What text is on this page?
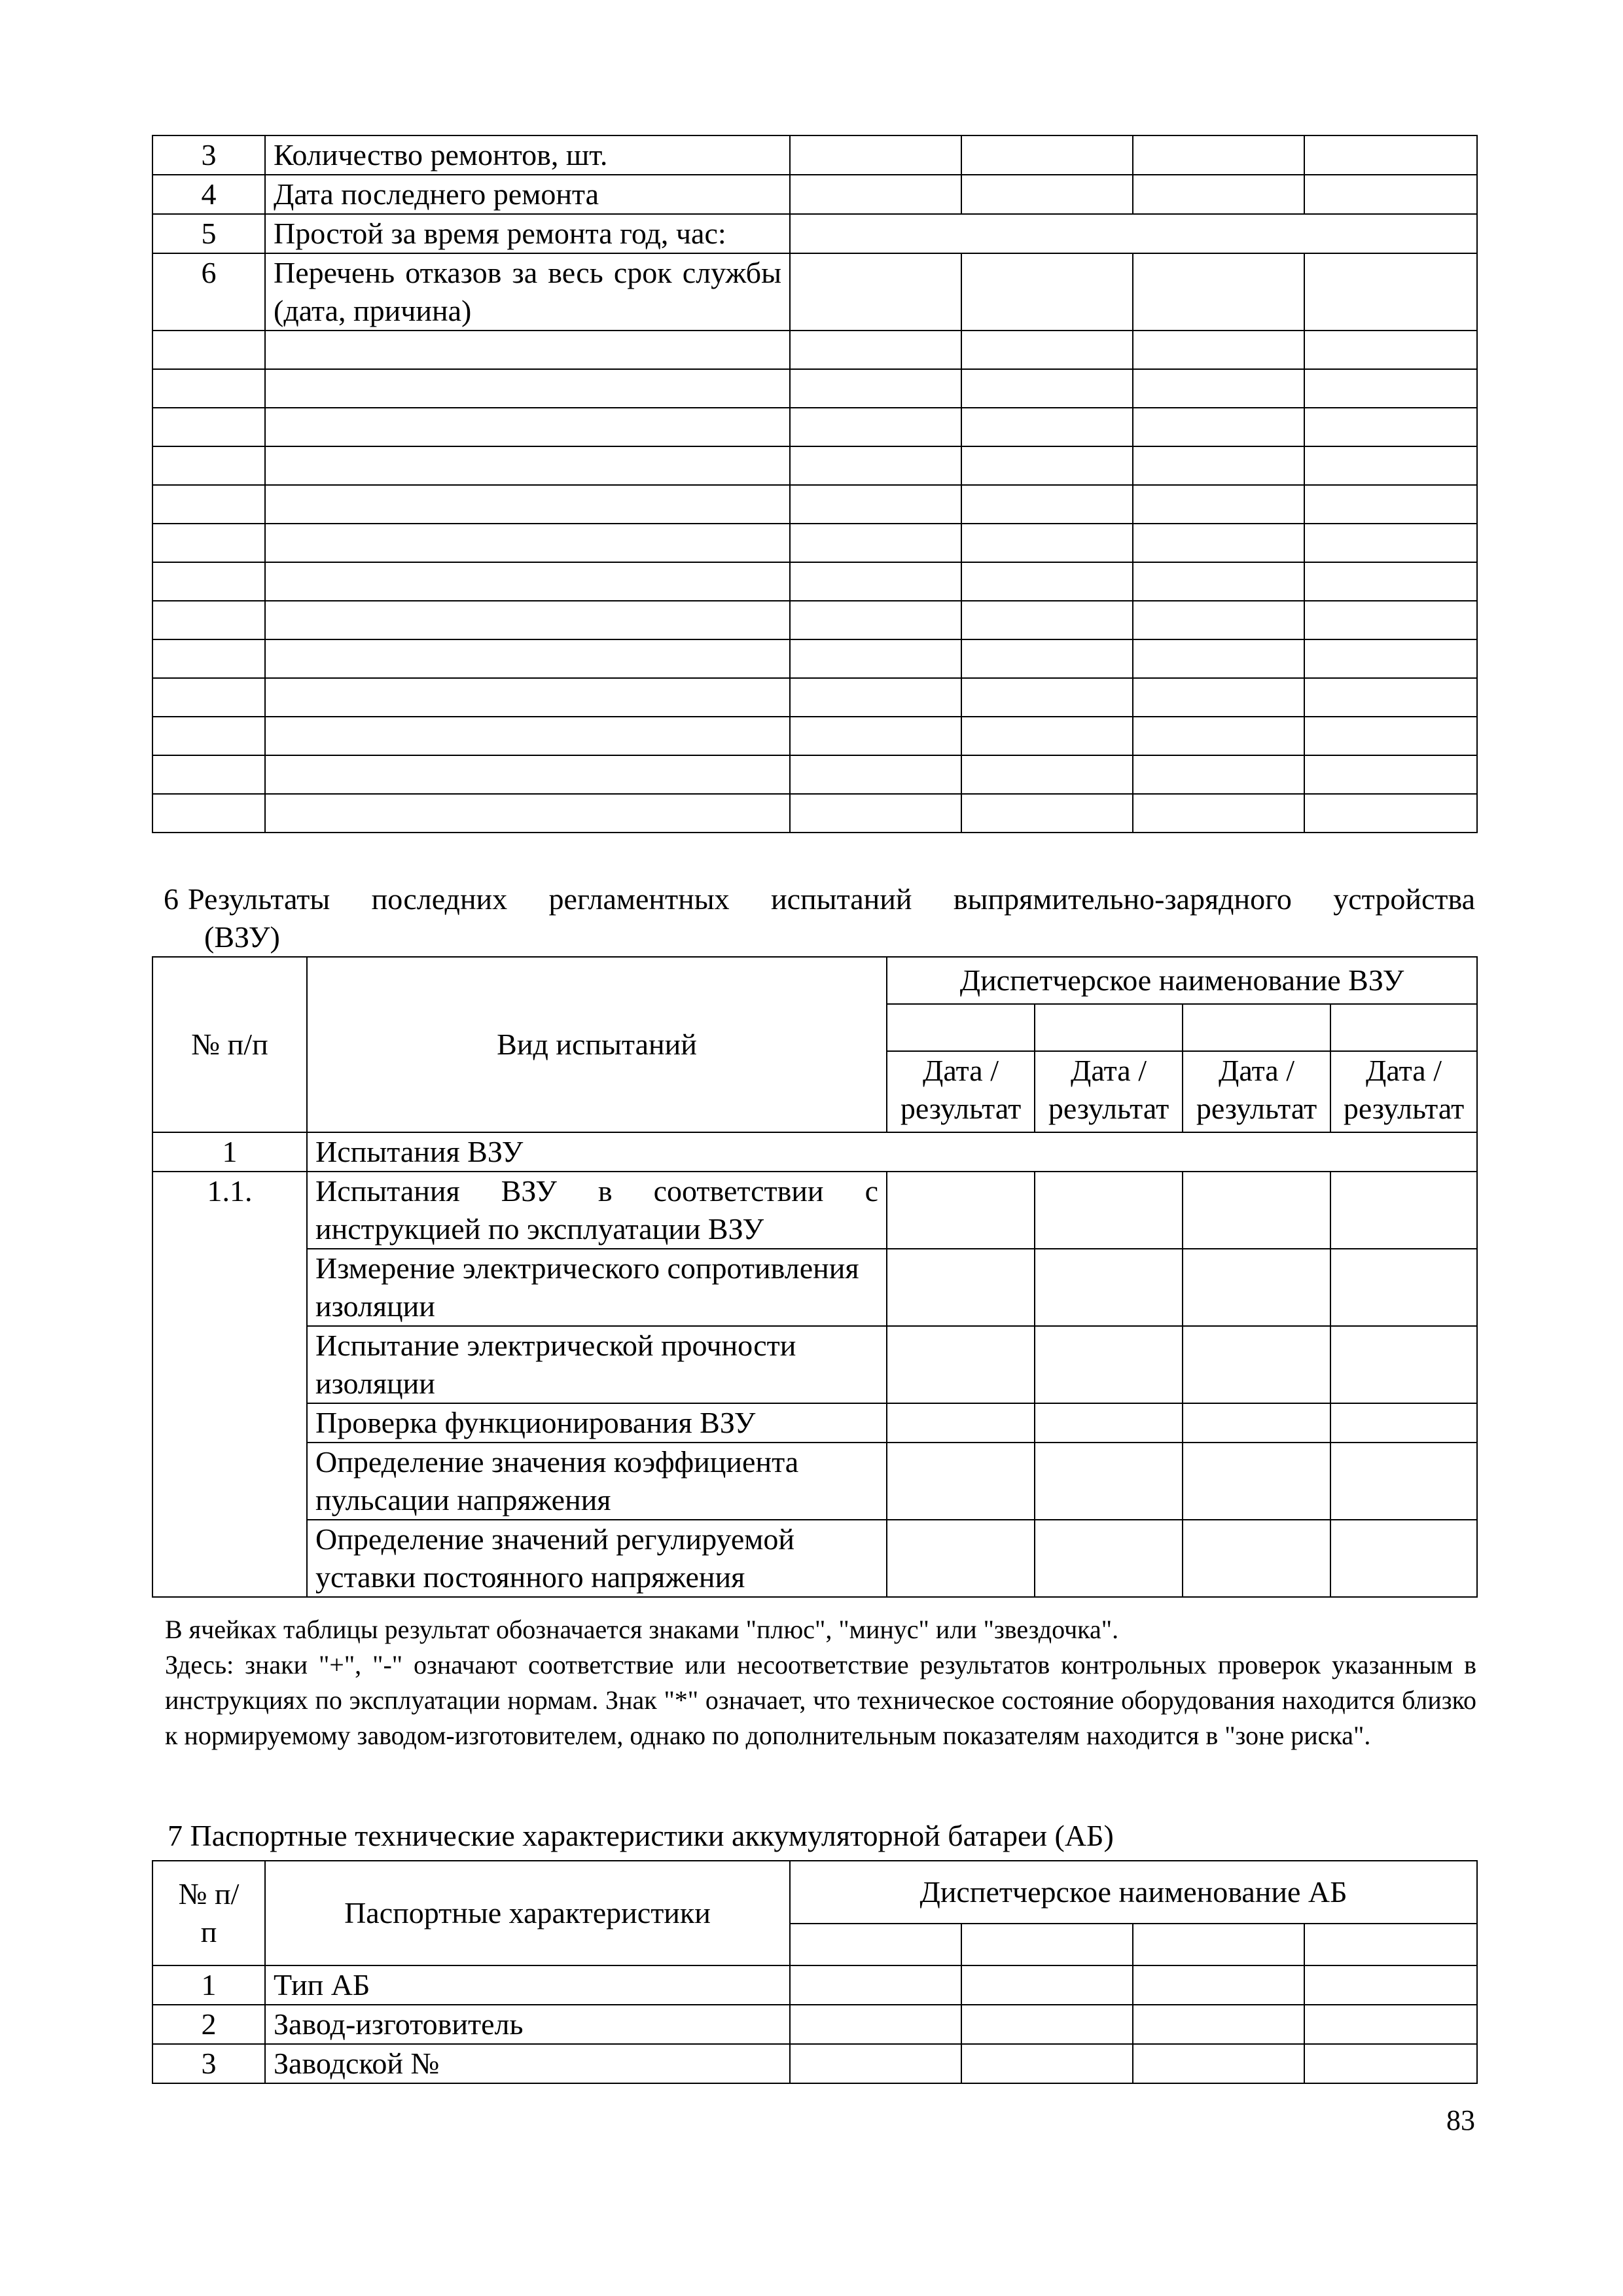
3	Количество ремонтов, шт.				
4	Дата последнего ремонта				
5	Простой за время ремонта год, час:				
6	Перечень отказов за весь срок службы (дата, причина)				

6 Результаты последних регламентных испытаний выпрямительно-зарядного устройства
(ВЗУ)
№ п/п	Вид испытаний	Диспетчерское наименование ВЗУ			

		Дата / результат	Дата / результат	Дата / результат	Дата / результат
1	Испытания ВЗУ				
1.1.	Испытания ВЗУ в соответствии с инструкцией по эксплуатации ВЗУ				
	Измерение электрического сопротивления изоляции				
	Испытание электрической прочности изоляции				
	Проверка функционирования ВЗУ				
	Определение значения коэффициента пульсации напряжения				
	Определение значений регулируемой уставки постоянного напряжения				
В ячейках таблицы результат обозначается знаками "плюс", "минус" или "звездочка".
Здесь: знаки "+", "-" означают соответствие или несоответствие результатов контрольных проверок указанным в инструкциях по эксплуатации нормам. Знак "*" означает, что техническое состояние оборудования находится близко к нормируемому заводом-изготовителем, однако по дополнительным показателям находится в "зоне риска".
7 Паспортные технические характеристики аккумуляторной батареи (АБ)
№ п/п	Паспортные характеристики	Диспетчерское наименование АБ			

1	Тип АБ				
2	Завод-изготовитель				
3	Заводской №				
83
